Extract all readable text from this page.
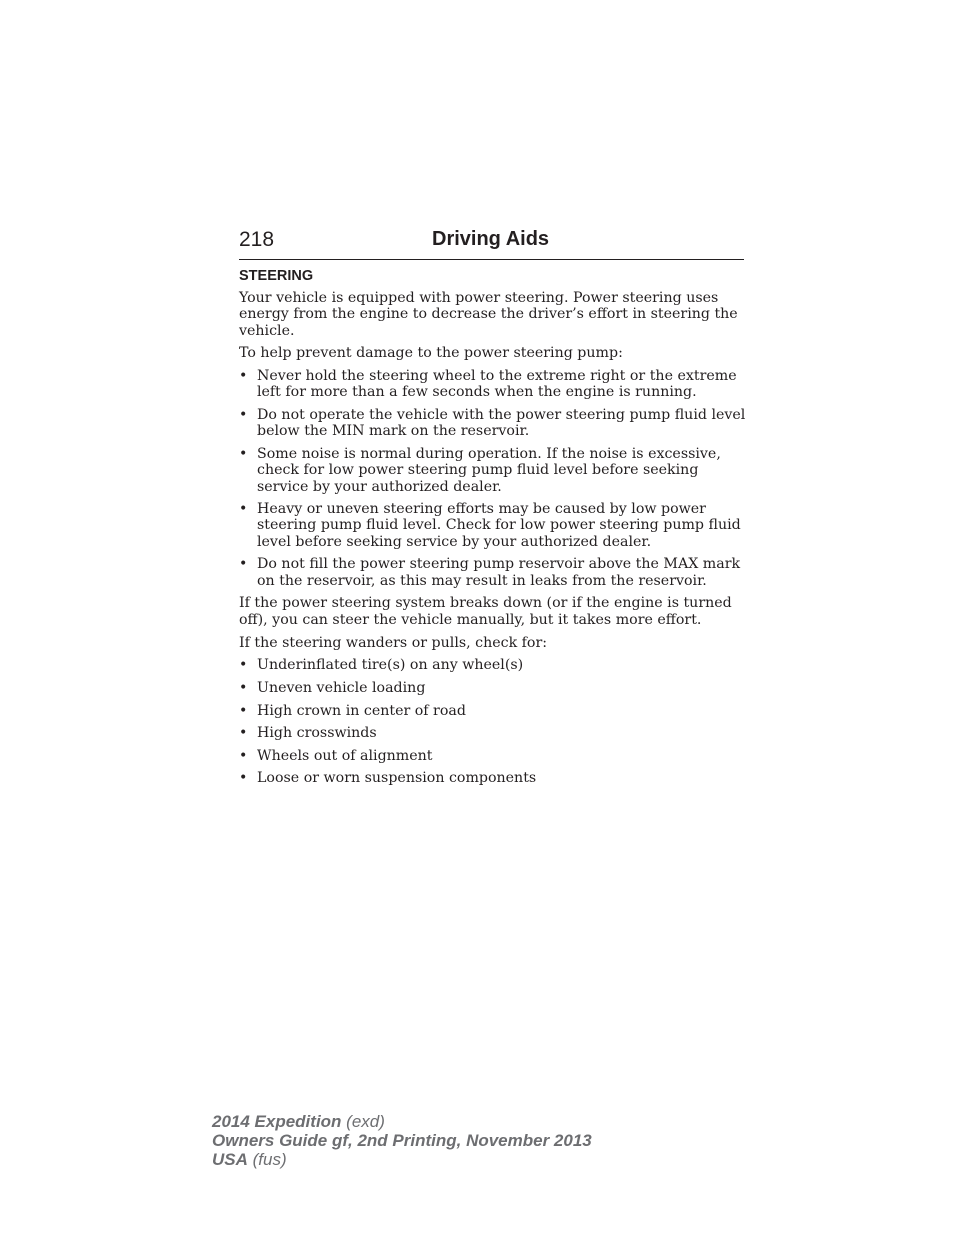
218	Driving Aids
STEERING

Your vehicle is equipped with power steering. Power steering uses energy from the engine to decrease the driver’s effort in steering the vehicle.

To help prevent damage to the power steering pump:

• Never hold the steering wheel to the extreme right or the extreme left for more than a few seconds when the engine is running.
• Do not operate the vehicle with the power steering pump fluid level below the MIN mark on the reservoir.
• Some noise is normal during operation. If the noise is excessive, check for low power steering pump fluid level before seeking service by your authorized dealer.
• Heavy or uneven steering efforts may be caused by low power steering pump fluid level. Check for low power steering pump fluid level before seeking service by your authorized dealer.
• Do not fill the power steering pump reservoir above the MAX mark on the reservoir, as this may result in leaks from the reservoir.

If the power steering system breaks down (or if the engine is turned off), you can steer the vehicle manually, but it takes more effort.

If the steering wanders or pulls, check for:

• Underinflated tire(s) on any wheel(s)
• Uneven vehicle loading
• High crown in center of road
• High crosswinds
• Wheels out of alignment
• Loose or worn suspension components
2014 Expedition (exd)
Owners Guide gf, 2nd Printing, November 2013
USA (fus)
